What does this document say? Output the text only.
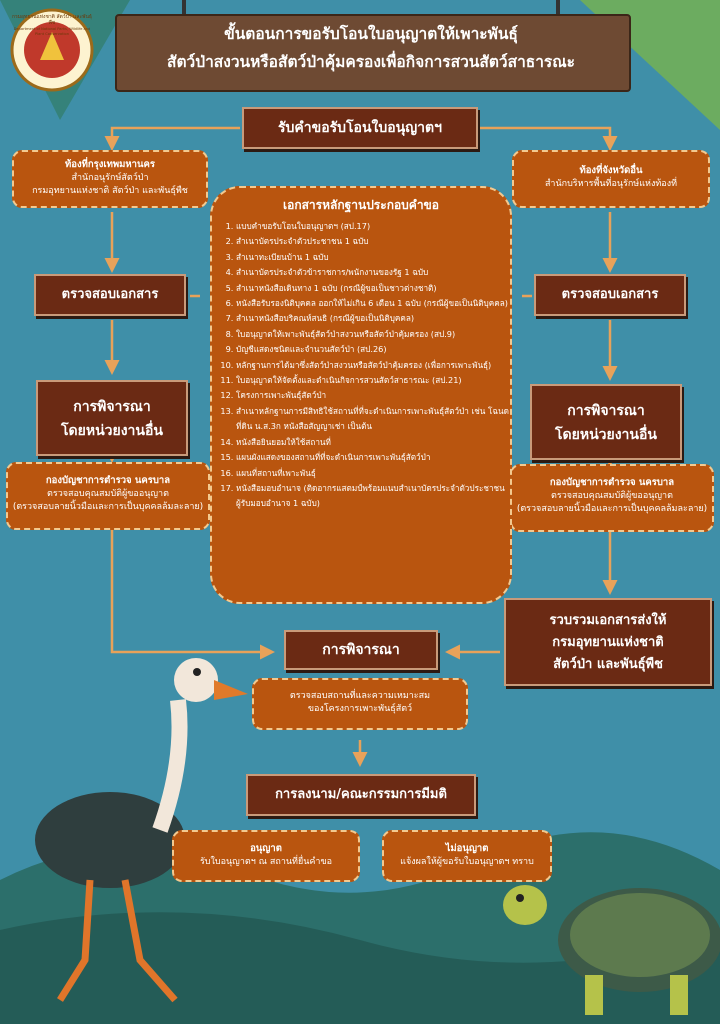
กรมอุทยานแห่งชาติ สัตว์ป่า และพันธุ์พืช
Department of National Parks, Wildlife and Plant Conservation	ขั้นตอนการขอรับโอนใบอนุญาตให้เพาะพันธุ์
สัตว์ป่าสงวนหรือสัตว์ป่าคุ้มครองเพื่อกิจการสวนสัตว์สาธารณะ
รับคำขอรับโอนใบอนุญาตฯ
ท้องที่กรุงเทพมหานคร
สำนักอนุรักษ์สัตว์ป่า
กรมอุทยานแห่งชาติ สัตว์ป่า และพันธุ์พืช
ท้องที่จังหวัดอื่น
สำนักบริหารพื้นที่อนุรักษ์แห่งท้องที่
ตรวจสอบเอกสาร	ตรวจสอบเอกสาร
การพิจารณา
โดยหน่วยงานอื่น
การพิจารณา
โดยหน่วยงานอื่น
กองบัญชาการตำรวจ นครบาล
ตรวจสอบคุณสมบัติผู้ขออนุญาต
(ตรวจสอบลายนิ้วมือและการเป็นบุคคลล้มละลาย)
กองบัญชาการตำรวจ นครบาล
ตรวจสอบคุณสมบัติผู้ขออนุญาต
(ตรวจสอบลายนิ้วมือและการเป็นบุคคลล้มละลาย)
เอกสารหลักฐานประกอบคำขอ
1. แบบคำขอรับโอนใบอนุญาตฯ (สป.17)
2. สำเนาบัตรประจำตัวประชาชน 1 ฉบับ
3. สำเนาทะเบียนบ้าน 1 ฉบับ
4. สำเนาบัตรประจำตัวข้าราชการ/พนักงานของรัฐ 1 ฉบับ
5. สำเนาหนังสือเดินทาง 1 ฉบับ (กรณีผู้ขอเป็นชาวต่างชาติ)
6. หนังสือรับรองนิติบุคคล ออกให้ไม่เกิน 6 เดือน 1 ฉบับ (กรณีผู้ขอเป็นนิติบุคคล)
7. สำเนาหนังสือบริคณห์สนธิ (กรณีผู้ขอเป็นนิติบุคคล)
8. ใบอนุญาตให้เพาะพันธุ์สัตว์ป่าสงวนหรือสัตว์ป่าคุ้มครอง (สป.9)
9. บัญชีแสดงชนิดและจำนวนสัตว์ป่า (สป.26)
10. หลักฐานการได้มาซึ่งสัตว์ป่าสงวนหรือสัตว์ป่าคุ้มครอง (เพื่อการเพาะพันธุ์)
11. ใบอนุญาตให้จัดตั้งและดำเนินกิจการสวนสัตว์สาธารณะ (สป.21)
12. โครงการเพาะพันธุ์สัตว์ป่า
13. สำเนาหลักฐานการมีสิทธิใช้สถานที่ที่จะดำเนินการเพาะพันธุ์สัตว์ป่า เช่น โฉนดที่ดิน น.ส.3ก หนังสือสัญญาเช่า เป็นต้น
14. หนังสือยินยอมให้ใช้สถานที่
15. แผนผังแสดงของสถานที่ที่จะดำเนินการเพาะพันธุ์สัตว์ป่า
16. แผนที่สถานที่เพาะพันธุ์
17. หนังสือมอบอำนาจ (ติดอากรแสตมป์พร้อมแนบสำเนาบัตรประจำตัวประชาชนผู้รับมอบอำนาจ 1 ฉบับ)
รวบรวมเอกสารส่งให้
กรมอุทยานแห่งชาติ
สัตว์ป่า และพันธุ์พืช
การพิจารณา
ตรวจสอบสถานที่และความเหมาะสม
ของโครงการเพาะพันธุ์สัตว์
การลงนาม/คณะกรรมการมีมติ
อนุญาต
รับใบอนุญาตฯ ณ สถานที่ยื่นคำขอ
ไม่อนุญาต
แจ้งผลให้ผู้ขอรับใบอนุญาตฯ ทราบ
